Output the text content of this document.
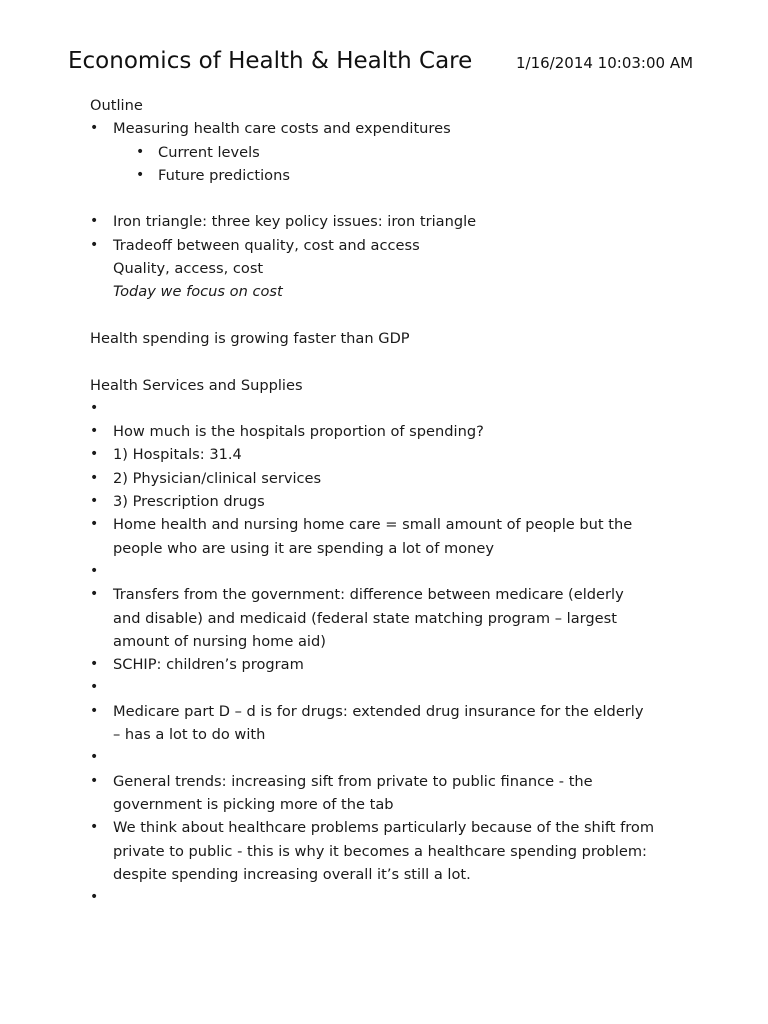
Economics of Health & Health Care	1/16/2014 10:03:00 AM
Outline
• Measuring health care costs and expenditures
• Current levels
• Future predictions
• Iron triangle: three key policy issues: iron triangle
• Tradeoff between quality, cost and access
Quality, access, cost
Today we focus on cost
Health spending is growing faster than GDP
Health Services and Supplies
•
• How much is the hospitals proportion of spending?
• 1) Hospitals: 31.4
• 2) Physician/clinical services
• 3) Prescription drugs
• Home health and nursing home care = small amount of people but the
people who are using it are spending a lot of money
•
• Transfers from the government: difference between medicare (elderly
and disable) and medicaid (federal state matching program – largest
amount of nursing home aid)
• SCHIP: children’s program
•
• Medicare part D – d is for drugs: extended drug insurance for the elderly
– has a lot to do with
•
• General trends: increasing sift from private to public finance - the
government is picking more of the tab
• We think about healthcare problems particularly because of the shift from
private to public - this is why it becomes a healthcare spending problem:
despite spending increasing overall it’s still a lot.
•
